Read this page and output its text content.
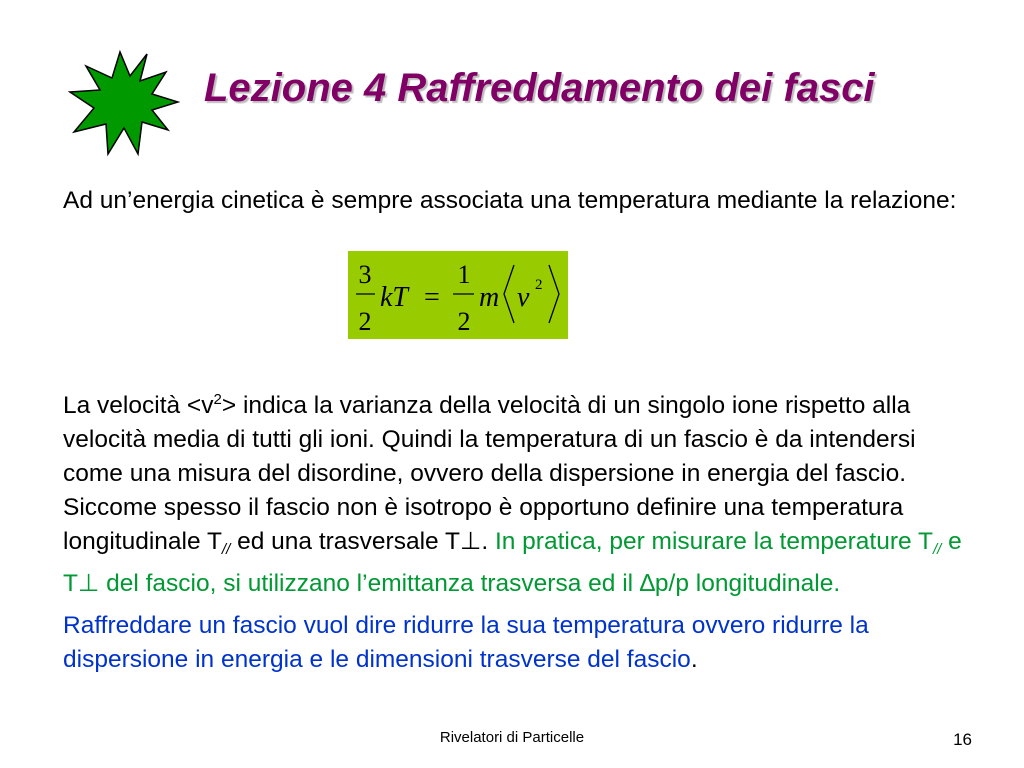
Lezione 4 Raffreddamento dei fasci
Ad un’energia cinetica è sempre associata una temperatura mediante la relazione:
3
2
kT =
1
2
m v 2

La velocità $<v^2>$ indica la varianza della velocità di un singolo ione rispetto alla velocità media di tutti gli ioni. Quindi la temperatura di un fascio è da intendersi come una misura del disordine, ovvero della dispersione in energia del fascio. Siccome spesso il fascio non è isotropo è opportuno definire una temperatura longitudinale $T_{//}$ ed una trasversale T⊥. In pratica, per misurare la temperature $T_{//}$ e T⊥ del fascio, si utilizzano l’emittanza trasversa ed il ∆p/p longitudinale.

Raffreddare un fascio vuol dire ridurre la sua temperatura ovvero ridurre la dispersione in energia e le dimensioni trasverse del fascio.

Rivelatori di Particelle	16
